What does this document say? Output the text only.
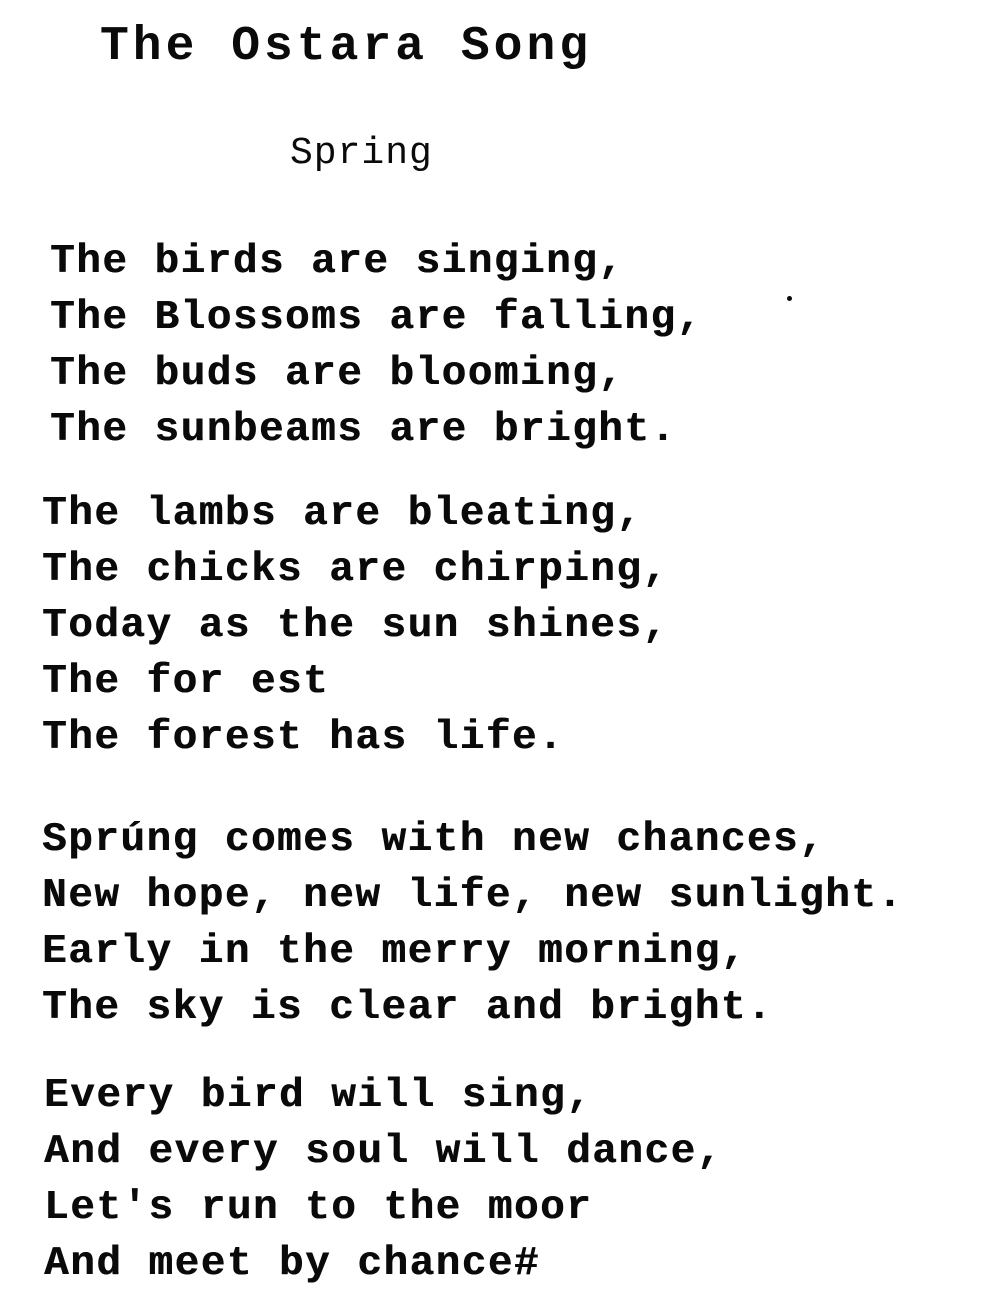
The Ostara Song
Spring
The birds are singing,
The Blossoms are falling,
The buds are blooming,
The sunbeams are bright.
The lambs are bleating,
The chicks are chirping,
Today as the sun shines,
The for est
The forest has life.
Sprúng comes with new chances,
New hope, new life, new sunlight.
Early in the merry morning,
The sky is clear and bright.
Every bird will sing,
And every soul will dance,
Let's run to the moor
And meet by chance#
